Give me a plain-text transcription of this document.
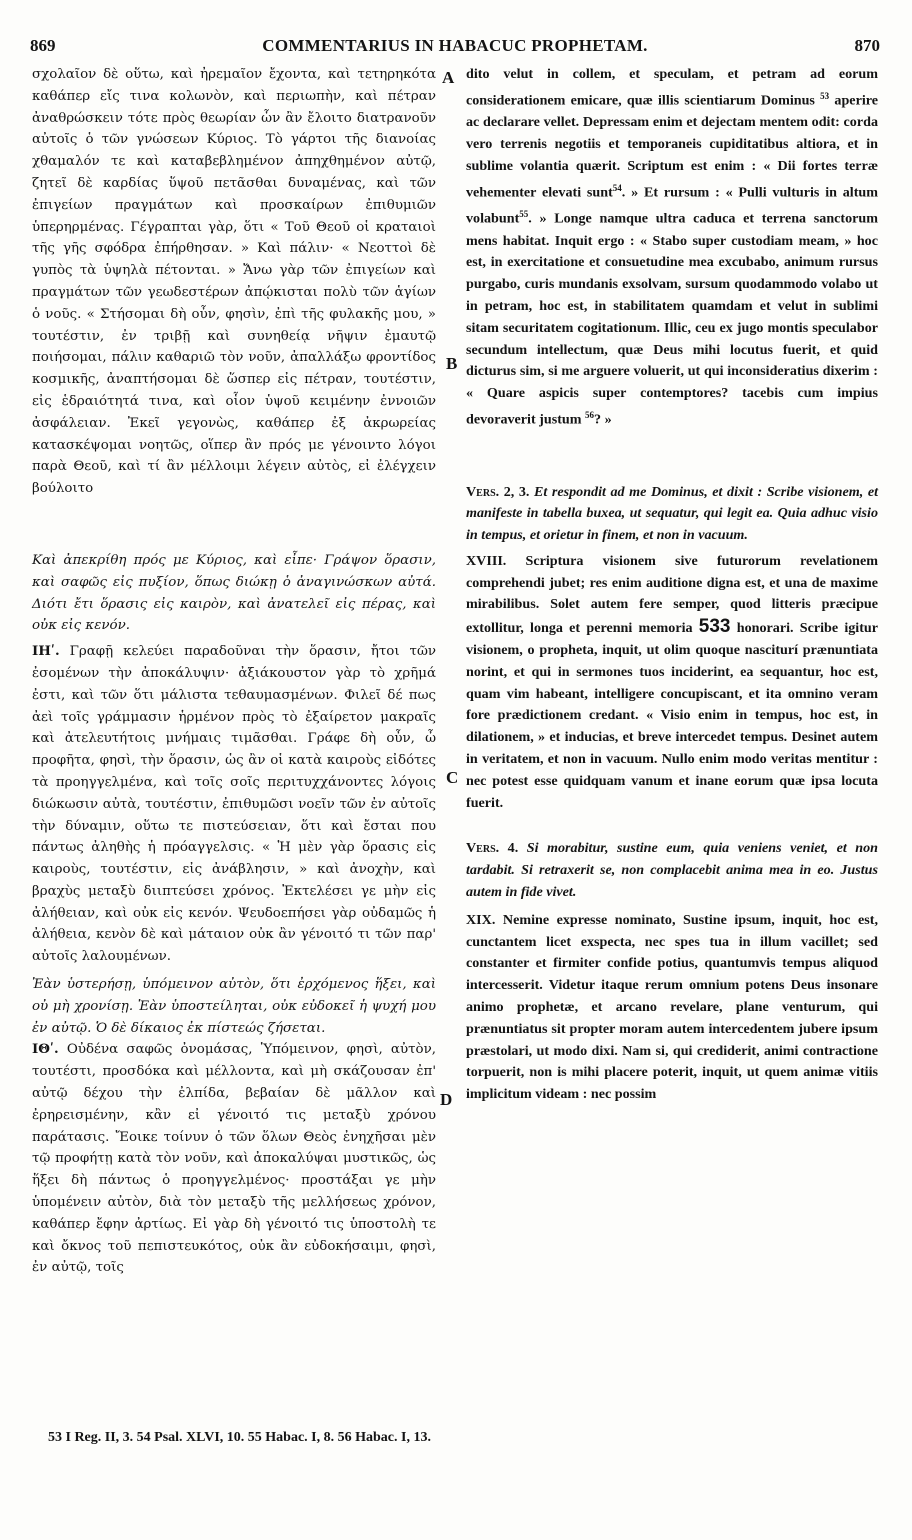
869	COMMENTARIUS IN HABACUC PROPHETAM.	870
A
B
C
D

σχολαῖον δὲ οὕτω, καὶ ἠρεμαῖον ἔχοντα, καὶ τετηρηκότα καθάπερ εἴς τινα κολωνὸν, καὶ περιωπὴν, καὶ πέτραν ἀναθρώσκειν τότε πρὸς θεωρίαν ὧν ἂν ἔλοιτο διατρανοῦν αὐτοῖς ὁ τῶν γνώσεων Κύριος. Τὸ γάρτοι τῆς διανοίας χθαμαλόν τε καὶ καταβεβλημένον ἀπηχθημένον αὐτῷ, ζητεῖ δὲ καρδίας ὕψοῦ πετᾶσθαι δυναμένας, καὶ τῶν ἐπιγείων πραγμάτων καὶ προσκαίρων ἐπιθυμιῶν ὑπερηρμένας. Γέγραπται γὰρ, ὅτι « Τοῦ Θεοῦ οἱ κραταιοὶ τῆς γῆς σφόδρα ἐπήρθησαν. » Καὶ πάλιν· « Νεοττοὶ δὲ γυπὸς τὰ ὑψηλὰ πέτονται. » Ἄνω γὰρ τῶν ἐπιγείων καὶ πραγμάτων τῶν γεωδεστέρων ἀπῴκισται πολὺ τῶν ἁγίων ὁ νοῦς. « Στήσομαι δὴ οὖν, φησὶν, ἐπὶ τῆς φυλακῆς μου, » τουτέστιν, ἐν τριβῇ καὶ συνηθείᾳ νῆψιν ἐμαυτῷ ποιήσομαι, πάλιν καθαριῶ τὸν νοῦν, ἀπαλλάξω φροντίδος κοσμικῆς, ἀναπτήσομαι δὲ ὥσπερ εἰς πέτραν, τουτέστιν, εἰς ἑδραιότητά τινα, καὶ οἷον ὑψοῦ κειμένην ἐννοιῶν ἀσφάλειαν. Ἐκεῖ γεγονὼς, καθάπερ ἐξ ἀκρωρείας κατασκέψομαι νοητῶς, οἵπερ ἂν πρός με γένοιντο λόγοι παρὰ Θεοῦ, καὶ τί ἂν μέλλοιμι λέγειν αὐτὸς, εἰ ἐλέγχειν βούλοιτο

Καὶ ἀπεκρίθη πρός με Κύριος, καὶ εἶπε· Γράψον ὅρασιν, καὶ σαφῶς εἰς πυξίον, ὅπως διώκῃ ὁ ἀναγινώσκων αὐτά. Διότι ἔτι ὅρασις εἰς καιρὸν, καὶ ἀνατελεῖ εἰς πέρας, καὶ οὐκ εἰς κενόν.

ΙΗʹ. Γραφῇ κελεύει παραδοῦναι τὴν ὅρασιν, ἤτοι τῶν ἐσομένων τὴν ἀποκάλυψιν· ἀξιάκουστον γὰρ τὸ χρῆμά ἐστι, καὶ τῶν ὅτι μάλιστα τεθαυμασμένων. Φιλεῖ δέ πως ἀεὶ τοῖς γράμμασιν ἡρμένον πρὸς τὸ ἐξαίρετον μακραῖς καὶ ἀτελευτήτοις μνήμαις τιμᾶσθαι. Γράφε δὴ οὖν, ὦ προφῆτα, φησὶ, τὴν ὅρασιν, ὡς ἂν οἱ κατὰ καιροὺς εἰδότες τὰ προηγγελμένα, καὶ τοῖς σοῖς περιτυχχάνοντες λόγοις διώκωσιν αὐτὰ, τουτέστιν, ἐπιθυμῶσι νοεῖν τῶν ἐν αὐτοῖς τὴν δύναμιν, οὕτω τε πιστεύσειαν, ὅτι καὶ ἔσται που πάντως ἀληθὴς ἡ πρόαγγελσις. « Ἡ μὲν γὰρ ὅρασις εἰς καιροὺς, τουτέστιν, εἰς ἀνάβλησιν, » καὶ ἀνοχὴν, καὶ βραχὺς μεταξὺ διιπτεύσει χρόνος. Ἐκτελέσει γε μὴν εἰς ἀλήθειαν, καὶ οὐκ εἰς κενόν. Ψευδοεπήσει γὰρ οὐδαμῶς ἡ ἀλήθεια, κενὸν δὲ καὶ μάταιον οὐκ ἂν γένοιτό τι τῶν παρ' αὐτοῖς λαλουμένων.

Ἐὰν ὑστερήσῃ, ὑπόμεινον αὐτὸν, ὅτι ἐρχόμενος ἥξει, καὶ οὐ μὴ χρονίσῃ. Ἐὰν ὑποστείληται, οὐκ εὐδοκεῖ ἡ ψυχή μου ἐν αὐτῷ. Ὁ δὲ δίκαιος ἐκ πίστεώς ζήσεται.

ΙΘʹ. Οὐδένα σαφῶς ὀνομάσας, Ὑπόμεινον, φησὶ, αὐτὸν, τουτέστι, προσδόκα καὶ μέλλοντα, καὶ μὴ σκάζουσαν ἐπ' αὐτῷ δέχου τὴν ἐλπίδα, βεβαίαν δὲ μᾶλλον καὶ ἐρηρεισμένην, κἂν εἰ γένοιτό τις μεταξὺ χρόνου παράτασις. Ἔοικε τοίνυν ὁ τῶν ὅλων Θεὸς ἐνηχῆσαι μὲν τῷ προφήτῃ κατὰ τὸν νοῦν, καὶ ἀποκαλύψαι μυστικῶς, ὡς ἥξει δὴ πάντως ὁ προηγγελμένος· προστάξαι γε μὴν ὑπομένειν αὐτὸν, διὰ τὸν μεταξὺ τῆς μελλήσεως χρόνον, καθάπερ ἔφην ἀρτίως. Εἰ γὰρ δὴ γένοιτό τις ὑποστολὴ τε καὶ ὄκνος τοῦ πεπιστευκότος, οὐκ ἂν εὐδοκήσαιμι, φησὶ, ἐν αὐτῷ, τοῖς

dito velut in collem, et speculam, et petram ad eorum considerationem emicare, quæ illis scientiarum Dominus $^{53}$ aperire ac declarare vellet. Depressam enim et dejectam mentem odit: corda vero terrenis negotiis et temporaneis cupiditatibus altiora, et in sublime volantia quærit. Scriptum est enim : « Dii fortes terræ vehementer elevati sunt$^{54}$. » Et rursum : « Pulli vulturis in altum volabunt$^{55}$. » Longe namque ultra caduca et terrena sanctorum mens habitat. Inquit ergo : « Stabo super custodiam meam, » hoc est, in exercitatione et consuetudine mea excubabo, animum rursus purgabo, curis mundanis exsolvam, sursum quodammodo volabo ut in petram, hoc est, in stabilitatem quamdam et velut in sublimi sitam securitatem cogitationum. Illic, ceu ex jugo montis speculabor secundum intellectum, quæ Deus mihi locutus fuerit, et quid dicturus sim, si me arguere voluerit, ut qui inconsideratius dixerim : « Quare aspicis super contemptores? tacebis cum impius devoraverit justum $^{56}$? »

Vers. 2, 3. Et respondit ad me Dominus, et dixit : Scribe visionem, et manifeste in tabella buxea, ut sequatur, qui legit ea. Quia adhuc visio in tempus, et orietur in finem, et non in vacuum.

XVIII. Scriptura visionem sive futurorum revelationem comprehendi jubet; res enim auditione digna est, et una de maxime mirabilibus. Solet autem fere semper, quod litteris præcipue extollitur, longa et perenni memoria 533 honorari. Scribe igitur visionem, o propheta, inquit, ut olim quoque nasciturí prænuntiata norint, et qui in sermones tuos inciderint, ea sequantur, hoc est, quam vim habeant, intelligere concupiscant, et ita omnino veram fore prædictionem credant. « Visio enim in tempus, hoc est, in dilationem, » et inducias, et breve intercedet tempus. Desinet autem in veritatem, et non in vacuum. Nullo enim modo veritas mentitur : nec potest esse quidquam vanum et inane eorum quæ ipsa locuta fuerit.

Vers. 4. Si morabitur, sustine eum, quia veniens veniet, et non tardabit. Si retraxerit se, non complacebit anima mea in eo. Justus autem in fide vivet.

XIX. Nemine expresse nominato, Sustine ipsum, inquit, hoc est, cunctantem licet exspecta, nec spes tua in illum vacillet; sed constanter et firmiter confide potius, quantumvis tempus aliquod intercesserit. Videtur itaque rerum omnium potens Deus insonare animo prophetæ, et arcano revelare, plane venturum, qui prænuntiatus sit propter moram autem intercedentem jubere ipsum præstolari, ut modo dixi. Nam si, qui crediderit, animi contractione torpuerit, non is mihi placere poterit, inquit, ut quem animæ vitiis implicitum videam : nec possim

53 I Reg. II, 3. 54 Psal. XLVI, 10. 55 Habac. I, 8. 56 Habac. I, 13.
